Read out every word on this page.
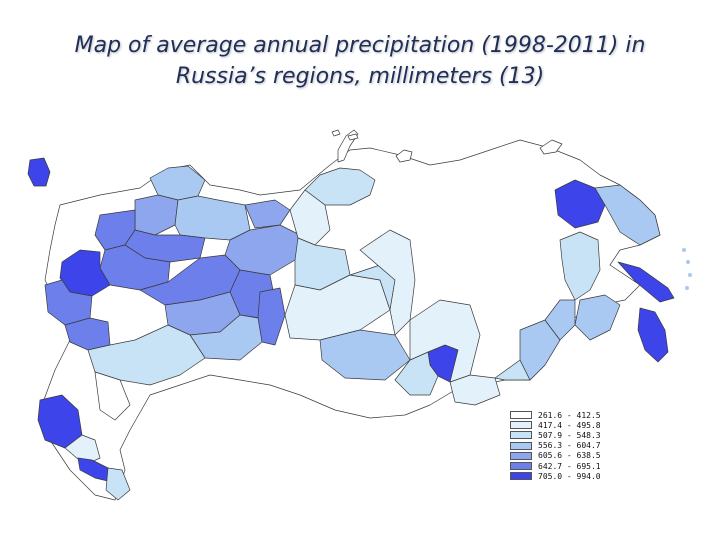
Map of average annual precipitation (1998-2011) in
Russia’s regions, millimeters (13)
261.6 - 412.5
417.4 - 495.8
507.9 - 548.3
556.3 - 604.7
605.6 - 638.5
642.7 - 695.1
705.0 - 994.0
